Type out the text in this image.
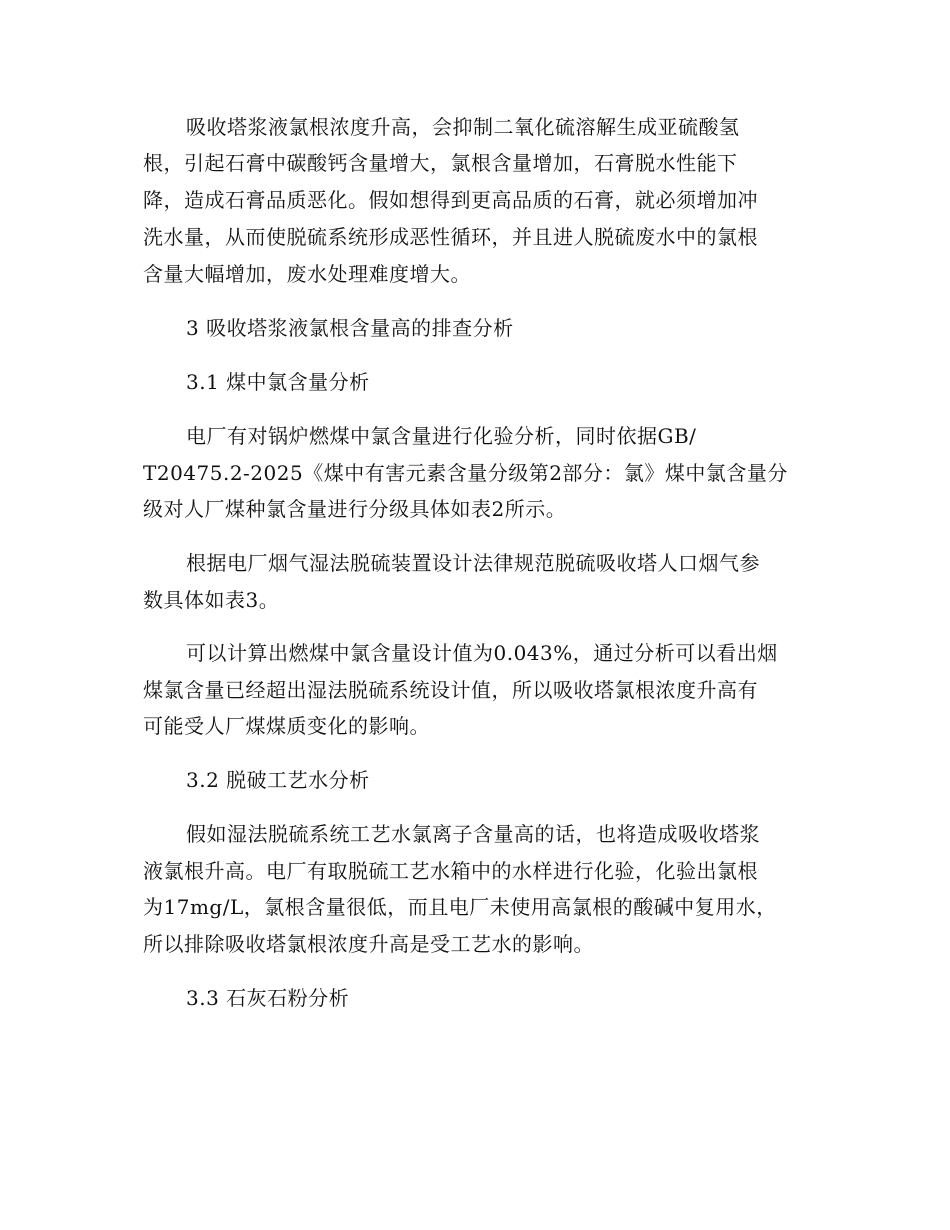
吸收塔浆液氯根浓度升高，会抑制二氧化硫溶解生成亚硫酸氢
根，引起石膏中碳酸钙含量增大，氯根含量增加，石膏脱水性能下
降，造成石膏品质恶化。假如想得到更高品质的石膏，就必须增加冲
洗水量，从而使脱硫系统形成恶性循环，并且进人脱硫废水中的氯根
含量大幅增加，废水处理难度增大。
3 吸收塔浆液氯根含量高的排查分析
3.1 煤中氯含量分析
电厂有对锅炉燃煤中氯含量进行化验分析，同时依据GB/
T20475.2-2025《煤中有害元素含量分级第2部分：氯》煤中氯含量分
级对人厂煤种氯含量进行分级具体如表2所示。
根据电厂烟气湿法脱硫装置设计法律规范脱硫吸收塔人口烟气参
数具体如表3。
可以计算出燃煤中氯含量设计值为0.043%，通过分析可以看出烟
煤氯含量已经超出湿法脱硫系统设计值，所以吸收塔氯根浓度升高有
可能受人厂煤煤质变化的影响。
3.2 脱破工艺水分析
假如湿法脱硫系统工艺水氯离子含量高的话，也将造成吸收塔浆
液氯根升高。电厂有取脱硫工艺水箱中的水样进行化验，化验出氯根
为17mg/L，氯根含量很低，而且电厂未使用高氯根的酸碱中复用水，
所以排除吸收塔氯根浓度升高是受工艺水的影响。
3.3 石灰石粉分析
